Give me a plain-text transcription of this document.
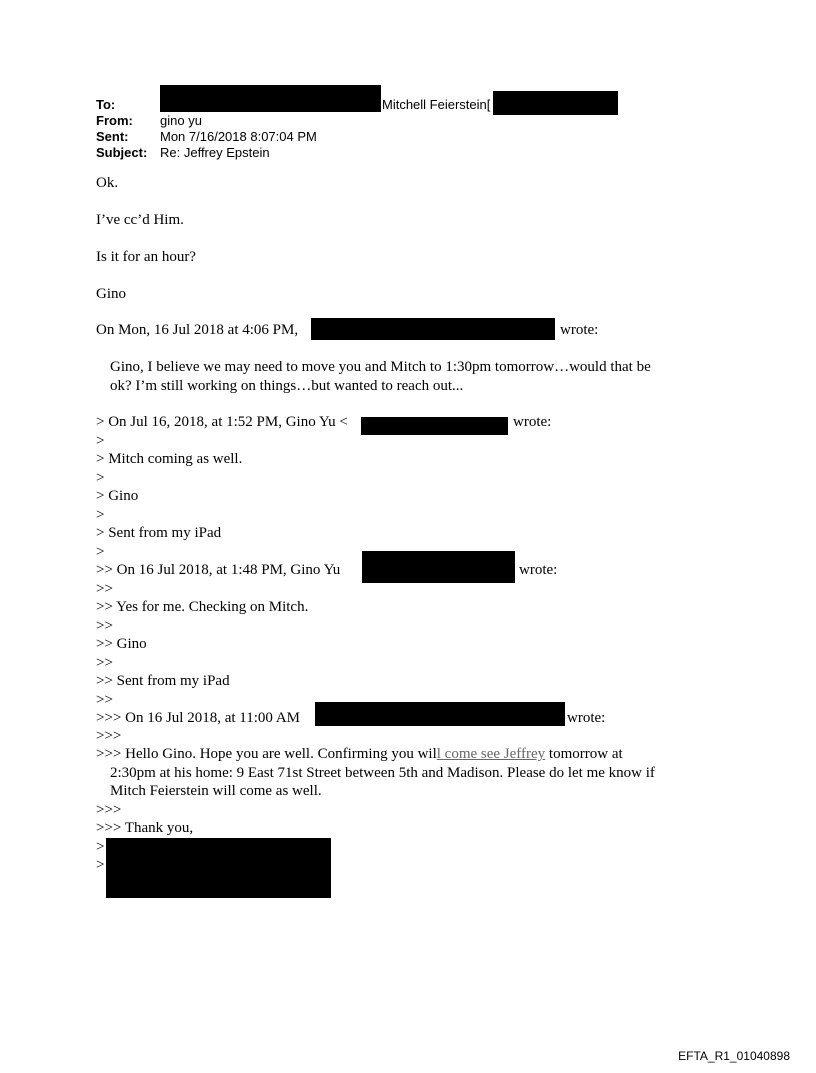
To:	Mitchell Feierstein[
From:	gino yu
Sent:	Mon 7/16/2018 8:07:04 PM
Subject: Re: Jeffrey Epstein
Ok.
I’ve cc’d Him.
Is it for an hour?
Gino
On Mon, 16 Jul 2018 at 4:06 PM,	wrote:
Gino, I believe we may need to move you and Mitch to 1:30pm tomorrow…would that be
ok? I’m still working on things…but wanted to reach out...
> On Jul 16, 2018, at 1:52 PM, Gino Yu <	wrote:
>
> Mitch coming as well.
>
> Gino
>
> Sent from my iPad
>
>> On 16 Jul 2018, at 1:48 PM, Gino Yu	wrote:
>>
>> Yes for me. Checking on Mitch.
>>
>> Gino
>>
>> Sent from my iPad
>>
>>> On 16 Jul 2018, at 11:00 AM	wrote:
>>>
>>> Hello Gino. Hope you are well. Confirming you will come see Jeffrey tomorrow at
2:30pm at his home: 9 East 71st Street between 5th and Madison. Please do let me know if
Mitch Feierstein will come as well.
>>>
>>> Thank you,
>
>
EFTA_R1_01040898
